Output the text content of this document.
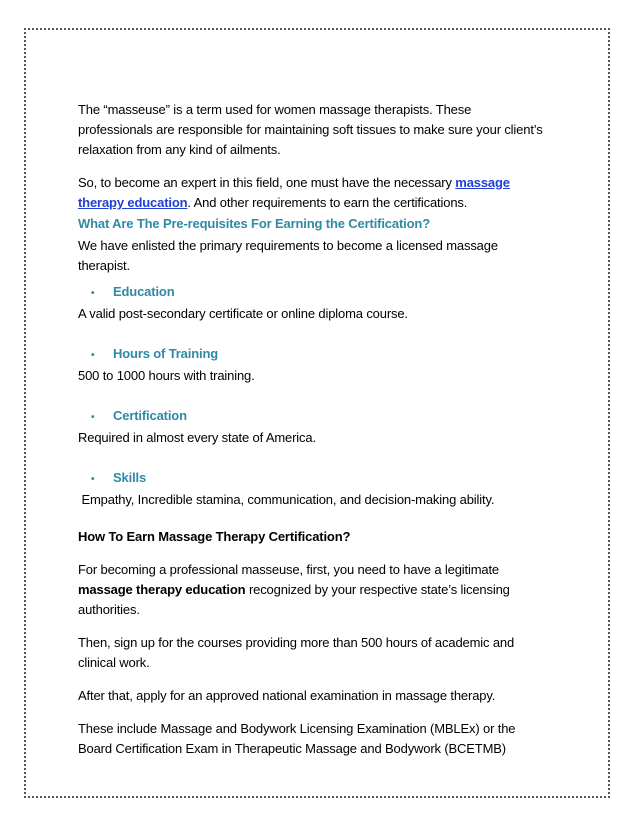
The “masseuse” is a term used for women massage therapists. These professionals are responsible for maintaining soft tissues to make sure your client’s relaxation from any kind of ailments.

So, to become an expert in this field, one must have the necessary massage therapy education. And other requirements to earn the certifications.

What Are The Pre-requisites For Earning the Certification?

We have enlisted the primary requirements to become a licensed massage therapist.

• Education

A valid post-secondary certificate or online diploma course.

• Hours of Training

500 to 1000 hours with training.

• Certification

Required in almost every state of America.

• Skills

Empathy, Incredible stamina, communication, and decision-making ability.

How To Earn Massage Therapy Certification?

For becoming a professional masseuse, first, you need to have a legitimate massage therapy education recognized by your respective state’s licensing authorities.

Then, sign up for the courses providing more than 500 hours of academic and clinical work.

After that, apply for an approved national examination in massage therapy.

These include Massage and Bodywork Licensing Examination (MBLEx) or the Board Certification Exam in Therapeutic Massage and Bodywork (BCETMB)
